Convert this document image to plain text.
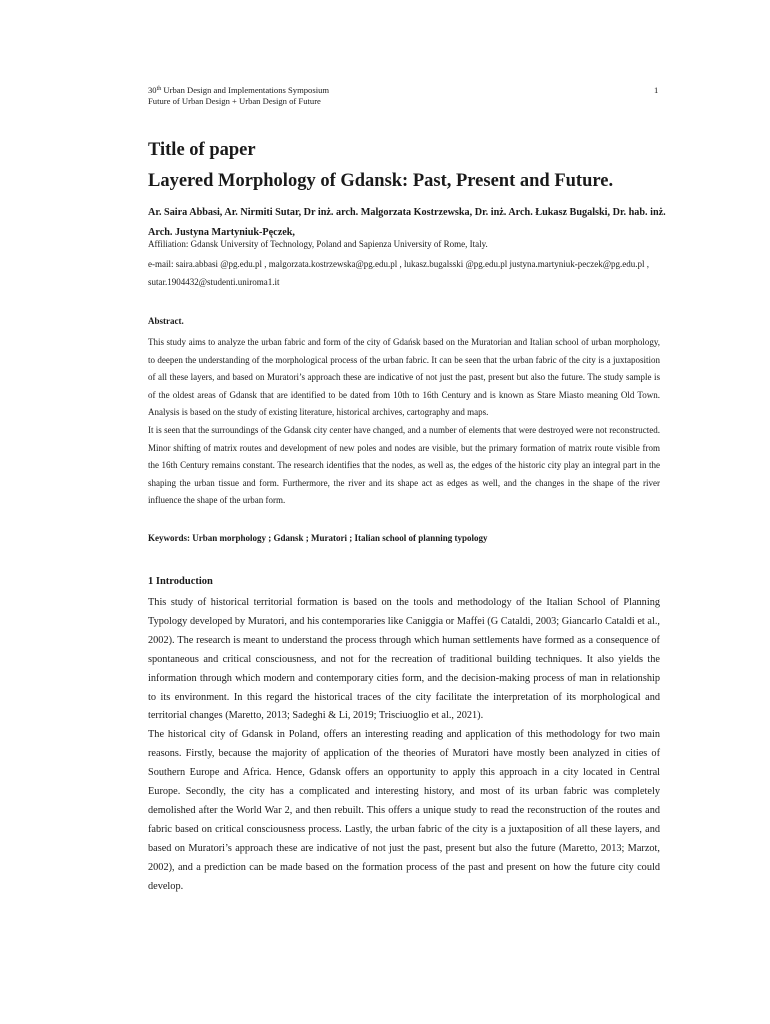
30th Urban Design and Implementations Symposium
Future of Urban Design + Urban Design of Future
1
Title of paper
Layered Morphology of Gdansk: Past, Present and Future.

Ar. Saira Abbasi, Ar. Nirmiti Sutar, Dr inż. arch. Malgorzata Kostrzewska, Dr. inż. Arch. Łukasz Bugalski, Dr. hab. inż. Arch. Justyna Martyniuk-Pęczek,

Affiliation: Gdansk University of Technology, Poland and Sapienza University of Rome, Italy.

e-mail: saira.abbasi @pg.edu.pl , malgorzata.kostrzewska@pg.edu.pl , lukasz.bugalsski @pg.edu.pl justyna.martyniuk-peczek@pg.edu.pl , sutar.1904432@studenti.uniroma1.it

Abstract.

This study aims to analyze the urban fabric and form of the city of Gdańsk based on the Muratorian and Italian school of urban morphology, to deepen the understanding of the morphological process of the urban fabric. It can be seen that the urban fabric of the city is a juxtaposition of all these layers, and based on Muratori’s approach these are indicative of not just the past, present but also the future. The study sample is of the oldest areas of Gdansk that are identified to be dated from 10th to 16th Century and is known as Stare Miasto meaning Old Town. Analysis is based on the study of existing literature, historical archives, cartography and maps.

It is seen that the surroundings of the Gdansk city center have changed, and a number of elements that were destroyed were not reconstructed. Minor shifting of matrix routes and development of new poles and nodes are visible, but the primary formation of matrix route visible from the 16th Century remains constant. The research identifies that the nodes, as well as, the edges of the historic city play an integral part in the shaping the urban tissue and form. Furthermore, the river and its shape act as edges as well, and the changes in the shape of the river influence the shape of the urban form.

Keywords: Urban morphology ; Gdansk ; Muratori ; Italian school of planning typology

1 Introduction

This study of historical territorial formation is based on the tools and methodology of the Italian School of Planning Typology developed by Muratori, and his contemporaries like Caniggia or Maffei (G Cataldi, 2003; Giancarlo Cataldi et al., 2002). The research is meant to understand the process through which human settlements have formed as a consequence of spontaneous and critical consciousness, and not for the recreation of traditional building techniques. It also yields the information through which modern and contemporary cities form, and the decision-making process of man in relationship to its environment. In this regard the historical traces of the city facilitate the interpretation of its morphological and territorial changes (Maretto, 2013; Sadeghi & Li, 2019; Trisciuoglio et al., 2021).

The historical city of Gdansk in Poland, offers an interesting reading and application of this methodology for two main reasons. Firstly, because the majority of application of the theories of Muratori have mostly been analyzed in cities of Southern Europe and Africa. Hence, Gdansk offers an opportunity to apply this approach in a city located in Central Europe. Secondly, the city has a complicated and interesting history, and most of its urban fabric was completely demolished after the World War 2, and then rebuilt. This offers a unique study to read the reconstruction of the routes and fabric based on critical consciousness process. Lastly, the urban fabric of the city is a juxtaposition of all these layers, and based on Muratori’s approach these are indicative of not just the past, present but also the future (Maretto, 2013; Marzot, 2002), and a prediction can be made based on the formation process of the past and present on how the future city could develop.
